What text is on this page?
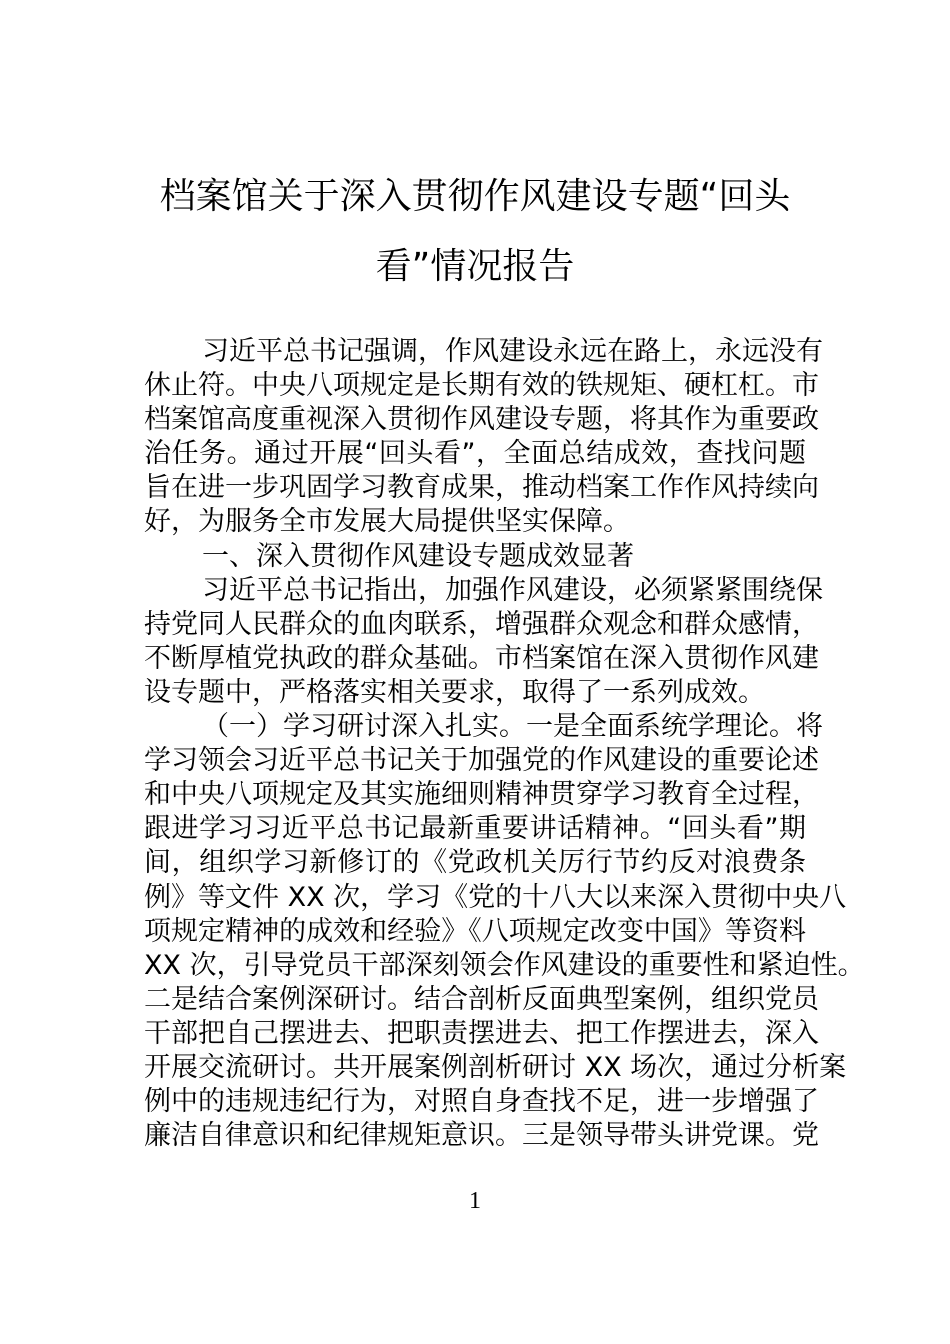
档案馆关于深入贯彻作风建设专题“回头
看”情况报告
习近平总书记强调，作风建设永远在路上，永远没有
休止符。中央八项规定是长期有效的铁规矩、硬杠杠。市
档案馆高度重视深入贯彻作风建设专题，将其作为重要政
治任务。通过开展“回头看”，全面总结成效，查找问题
旨在进一步巩固学习教育成果，推动档案工作作风持续向
好，为服务全市发展大局提供坚实保障。
一、深入贯彻作风建设专题成效显著
习近平总书记指出，加强作风建设，必须紧紧围绕保
持党同人民群众的血肉联系，增强群众观念和群众感情，
不断厚植党执政的群众基础。市档案馆在深入贯彻作风建
设专题中，严格落实相关要求，取得了一系列成效。
（一）学习研讨深入扎实。一是全面系统学理论。将
学习领会习近平总书记关于加强党的作风建设的重要论述
和中央八项规定及其实施细则精神贯穿学习教育全过程，
跟进学习习近平总书记最新重要讲话精神。“回头看”期
间，组织学习新修订的《党政机关厉行节约反对浪费条
例》等文件 XX 次，学习《党的十八大以来深入贯彻中央八
项规定精神的成效和经验》《八项规定改变中国》等资料
XX 次，引导党员干部深刻领会作风建设的重要性和紧迫性。
二是结合案例深研讨。结合剖析反面典型案例，组织党员
干部把自己摆进去、把职责摆进去、把工作摆进去，深入
开展交流研讨。共开展案例剖析研讨 XX 场次，通过分析案
例中的违规违纪行为，对照自身查找不足，进一步增强了
廉洁自律意识和纪律规矩意识。三是领导带头讲党课。党
1
